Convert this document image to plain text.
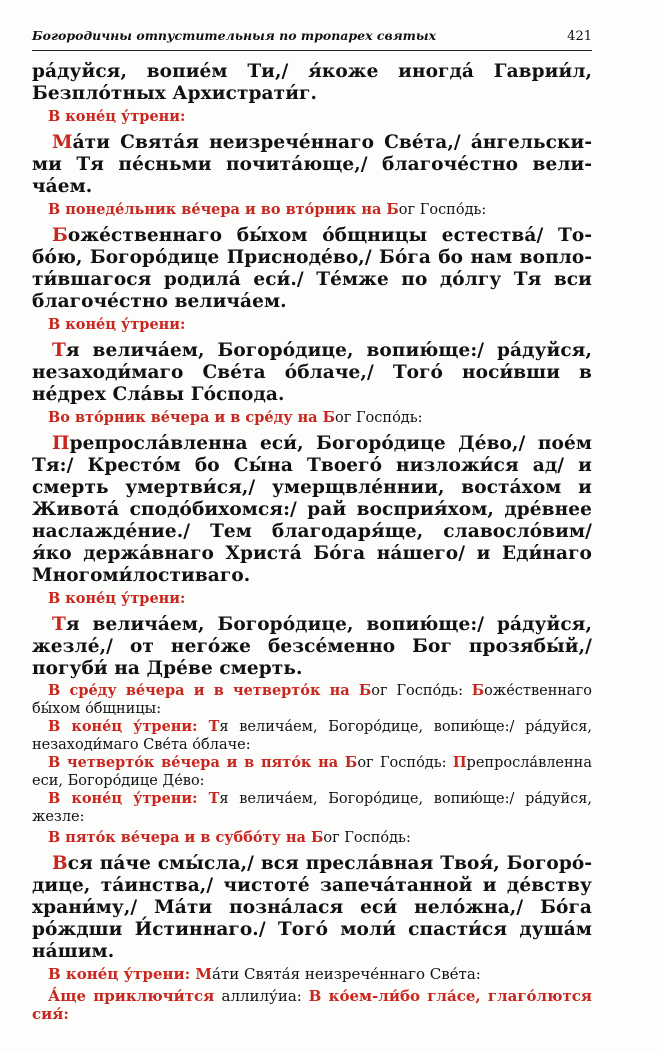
Богородичны отпустительныя по тропарех святых	421

ра́дуйся, вопие́м Ти,/ я́коже иногда́ Гаврии́л, Безпло́тных Архистрати́г.

В коне́ц у́трени:

Ма́ти Свята́я неизрече́ннаго Све́та,/ а́нгельскими Тя пе́сньми почита́юще,/ благоче́стно велича́ем.

В понеде́льник ве́чера и во вто́рник на Бог Госпо́дь:

Боже́ственнаго бы́хом о́бщницы естества́/ Тобо́ю, Богоро́дице Присноде́во,/ Бо́га бо нам воплоти́вшагося родила́ еси́./ Те́мже по до́лгу Тя вси благоче́стно велича́ем.

В коне́ц у́трени:

Тя велича́ем, Богоро́дице, вопию́ще:/ ра́дуйся, незаходи́маго Све́та о́блаче,/ Того́ носи́вши в не́дрех Сла́вы Го́спода.

Во вто́рник ве́чера и в сре́ду на Бог Госпо́дь:

Препросла́вленна еси́, Богоро́дице Де́во,/ пое́м Тя:/ Кресто́м бо Сы́на Твоего́ низложи́ся ад/ и смерть умертви́ся,/ умерщвле́ннии, воста́хом и Живота́ сподо́бихомся:/ рай восприя́хом, дре́внее наслажде́ние./ Тем благодаря́ще, славосло́вим/ я́ко держа́внаго Христа́ Бо́га на́шего/ и Еди́наго Многоми́лостиваго.

В коне́ц у́трени:

Тя велича́ем, Богоро́дице, вопию́ще:/ ра́дуйся, жезле́,/ от него́же безсе́менно Бог прозябы́й,/ погуби́ на Дре́ве смерть.

В сре́ду ве́чера и в четверто́к на Бог Госпо́дь: Боже́ственнаго бы́хом о́бщницы:

В коне́ц у́трени: Тя велича́ем, Богоро́дице, вопию́ще:/ ра́дуйся, незаходи́маго Све́та о́блаче:

В четверто́к ве́чера и в пято́к на Бог Госпо́дь: Препросла́вленна еси, Богоро́дице Де́во:

В коне́ц у́трени: Тя велича́ем, Богоро́дице, вопию́ще:/ ра́дуйся, жезле:

В пято́к ве́чера и в суббо́ту на Бог Госпо́дь:

Вся па́че смы́сла,/ вся пресла́вная Твоя́, Богоро́дице, та́инства,/ чистоте́ запеча́танной и де́вству храни́му,/ Ма́ти позна́лася еси́ нело́жна,/ Бо́га ро́ждши И́стиннаго./ Того́ моли́ спасти́ся душа́м на́шим.

В коне́ц у́трени: Ма́ти Свята́я неизрече́ннаго Све́та:

А́ще приключи́тся аллилу́иа: В ко́ем-ли́бо гла́се, глаго́лются сия́:
